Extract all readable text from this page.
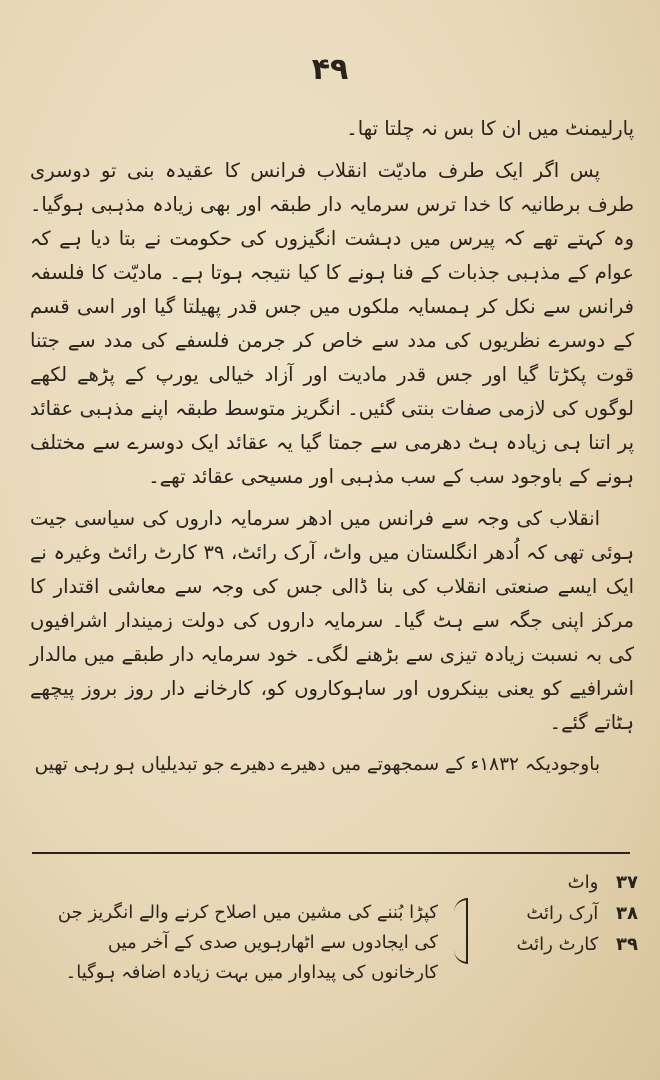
۴۹

پارلیمنٹ میں ان کا بس نہ چلتا تھا۔

پس اگر ایک طرف مادیّت انقلاب فرانس کا عقیدہ بنی تو دوسری طرف برطانیہ کا خدا ترس سرمایہ دار طبقہ اور بھی زیادہ مذہبی ہوگیا۔ وہ کہتے تھے کہ پیرس میں دہشت انگیزوں کی حکومت نے بتا دیا ہے کہ عوام کے مذہبی جذبات کے فنا ہونے کا کیا نتیجہ ہوتا ہے۔ مادیّت کا فلسفہ فرانس سے نکل کر ہمسایہ ملکوں میں جس قدر پھیلتا گیا اور اسی قسم کے دوسرے نظریوں کی مدد سے خاص کر جرمن فلسفے کی مدد سے جتنا قوت پکڑتا گیا اور جس قدر مادیت اور آزاد خیالی یورپ کے پڑھے لکھے لوگوں کی لازمی صفات بنتی گئیں۔ انگریز متوسط طبقہ اپنے مذہبی عقائد پر اتنا ہی زیادہ ہٹ دھرمی سے جمتا گیا یہ عقائد ایک دوسرے سے مختلف ہونے کے باوجود سب کے سب مذہبی اور مسیحی عقائد تھے۔

انقلاب کی وجہ سے فرانس میں ادھر سرمایہ داروں کی سیاسی جیت ہوئی تھی کہ اُدھر انگلستان میں واٹ، آرک رائٹ، ۳۹ کارٹ رائٹ وغیرہ نے ایک ایسے صنعتی انقلاب کی بنا ڈالی جس کی وجہ سے معاشی اقتدار کا مرکز اپنی جگہ سے ہٹ گیا۔ سرمایہ داروں کی دولت زمیندار اشرافیوں کی بہ نسبت زیادہ تیزی سے بڑھنے لگی۔ خود سرمایہ دار طبقے میں مالدار اشرافیے کو یعنی بینکروں اور ساہوکاروں کو، کارخانے دار روز بروز پیچھے ہٹاتے گئے۔

باوجودیکہ ۱۸۳۲ء کے سمجھوتے میں دھیرے دھیرے جو تبدیلیاں ہو رہی تھیں

۳۷ واٹ
۳۸ آرک رائٹ
۳۹ کارٹ رائٹ
کپڑا بُننے کی مشین میں اصلاح کرنے والے انگریز جن کی ایجادوں سے اٹھارہویں صدی کے آخر میں کارخانوں کی پیداوار میں بہت زیادہ اضافہ ہوگیا۔
